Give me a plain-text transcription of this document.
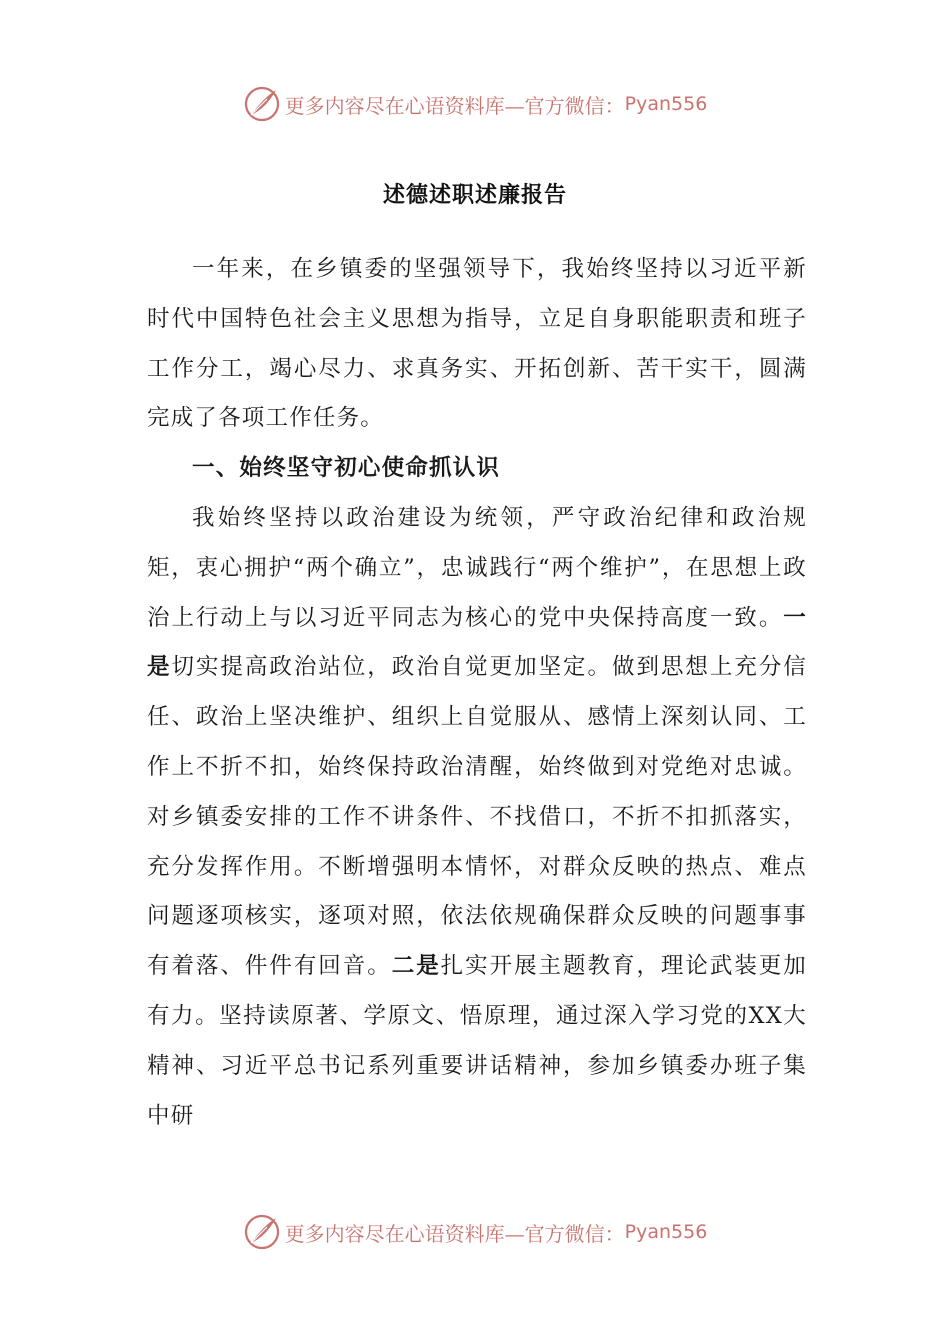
更多内容尽在心语资料库—官方微信： Pyan556
述德述职述廉报告

一年来，在乡镇委的坚强领导下，我始终坚持以习近平新时代中国特色社会主义思想为指导，立足自身职能职责和班子工作分工，竭心尽力、求真务实、开拓创新、苦干实干，圆满完成了各项工作任务。

一、始终坚守初心使命抓认识

我始终坚持以政治建设为统领，严守政治纪律和政治规矩，衷心拥护“两个确立”，忠诚践行“两个维护”，在思想上政治上行动上与以习近平同志为核心的党中央保持高度一致。一是切实提高政治站位，政治自觉更加坚定。做到思想上充分信任、政治上坚决维护、组织上自觉服从、感情上深刻认同、工作上不折不扣，始终保持政治清醒，始终做到对党绝对忠诚。对乡镇委安排的工作不讲条件、不找借口，不折不扣抓落实，充分发挥作用。不断增强明本情怀，对群众反映的热点、难点问题逐项核实，逐项对照，依法依规确保群众反映的问题事事有着落、件件有回音。二是扎实开展主题教育，理论武装更加有力。坚持读原著、学原文、悟原理，通过深入学习党的XX大精神、习近平总书记系列重要讲话精神，参加乡镇委办班子集中研

更多内容尽在心语资料库—官方微信： Pyan556
